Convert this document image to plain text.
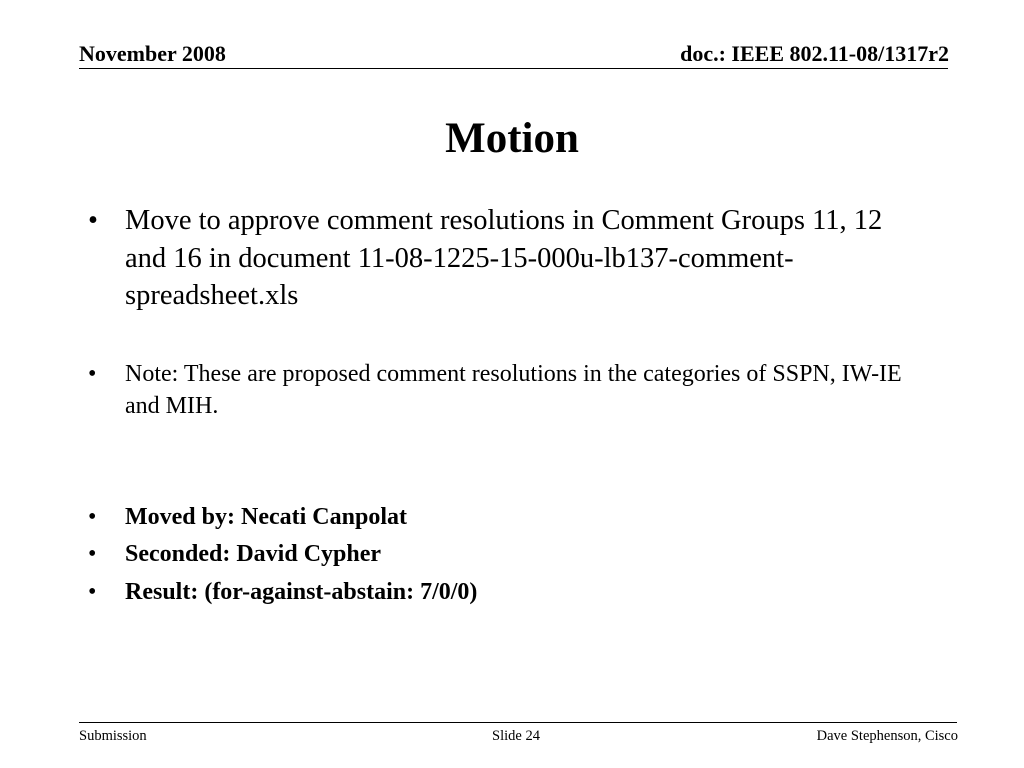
November 2008	doc.: IEEE 802.11-08/1317r2
Motion
• Move to approve comment resolutions in Comment Groups 11, 12 and 16 in document 11-08-1225-15-000u-lb137-comment-spreadsheet.xls
•	Note: These are proposed comment resolutions in the categories of SSPN, IW-IE and MIH.
•	Moved by: Necati Canpolat
•	Seconded: David Cypher
•	Result: (for-against-abstain: 7/0/0)
Submission	Slide 24	Dave Stephenson, Cisco
